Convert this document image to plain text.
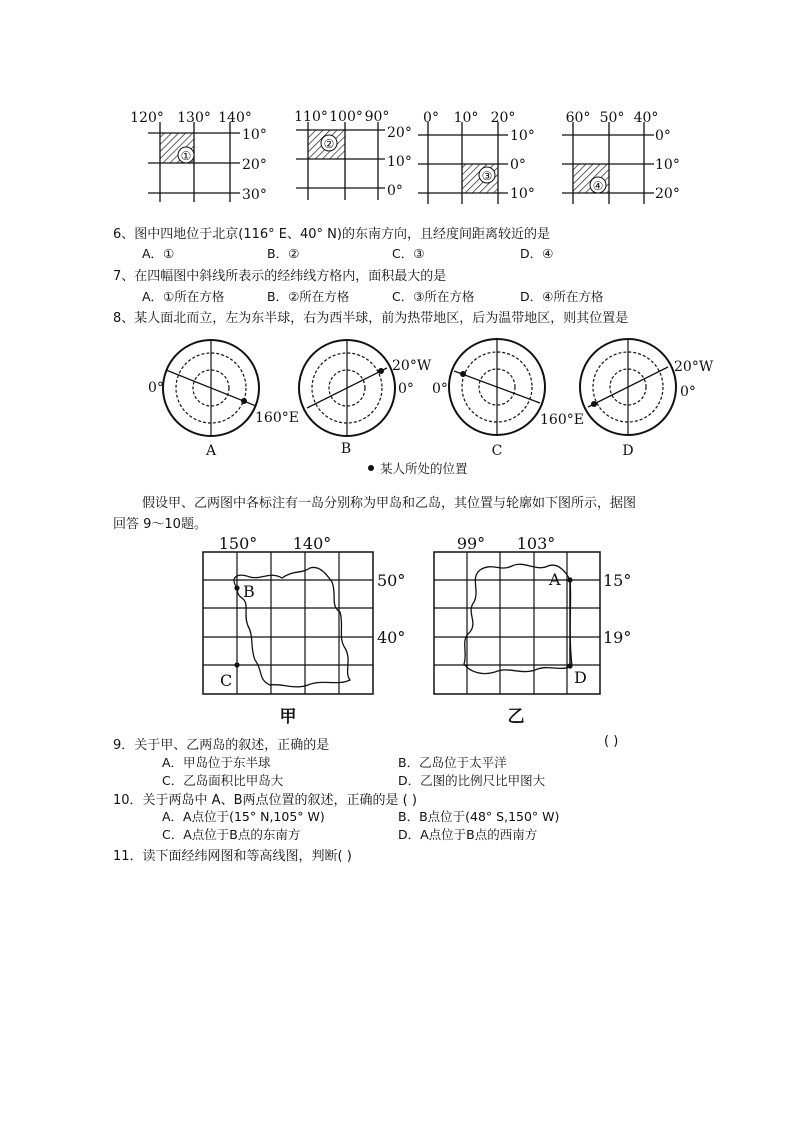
①
120° 130° 140°
10°
20°
30°
②
110° 100° 90°
20°
10°
0°
③
0° 10° 20°
10°
0°
10°	④
60° 50° 40°
0°
10°
20°
6、图中四地位于北京(116° E、40° N)的东南方向，且经度间距离较近的是
A．①	B．②	C．③	D．④
7、在四幅图中斜线所表示的经纬线方格内，面积最大的是
A．①所在方格	B．②所在方格	C．③所在方格	D．④所在方格
8、某人面北而立，左为东半球，右为西半球，前为热带地区，后为温带地区，则其位置是
0°
160°E
A
20°W
0°
B
0°
160°E
C
20°W
0°
D
某人所处的位置
假设甲、乙两图中各标注有一岛分别称为甲岛和乙岛，其位置与轮廓如下图所示，据图
回答 9～10题。
B
C
150° 140°
50°
40°
甲
A
D
99° 103°
15°
19°
乙
9．关于甲、乙两岛的叙述，正确的是	( )
A．甲岛位于东半球	B．乙岛位于太平洋
C．乙岛面积比甲岛大	D．乙图的比例尺比甲图大
10．关于两岛中 A、B两点位置的叙述，正确的是 ( )
A．A点位于(15° N,105° W)	B．B点位于(48° S,150° W)
C．A点位于B点的东南方	D．A点位于B点的西南方
11．读下面经纬网图和等高线图，判断( )
